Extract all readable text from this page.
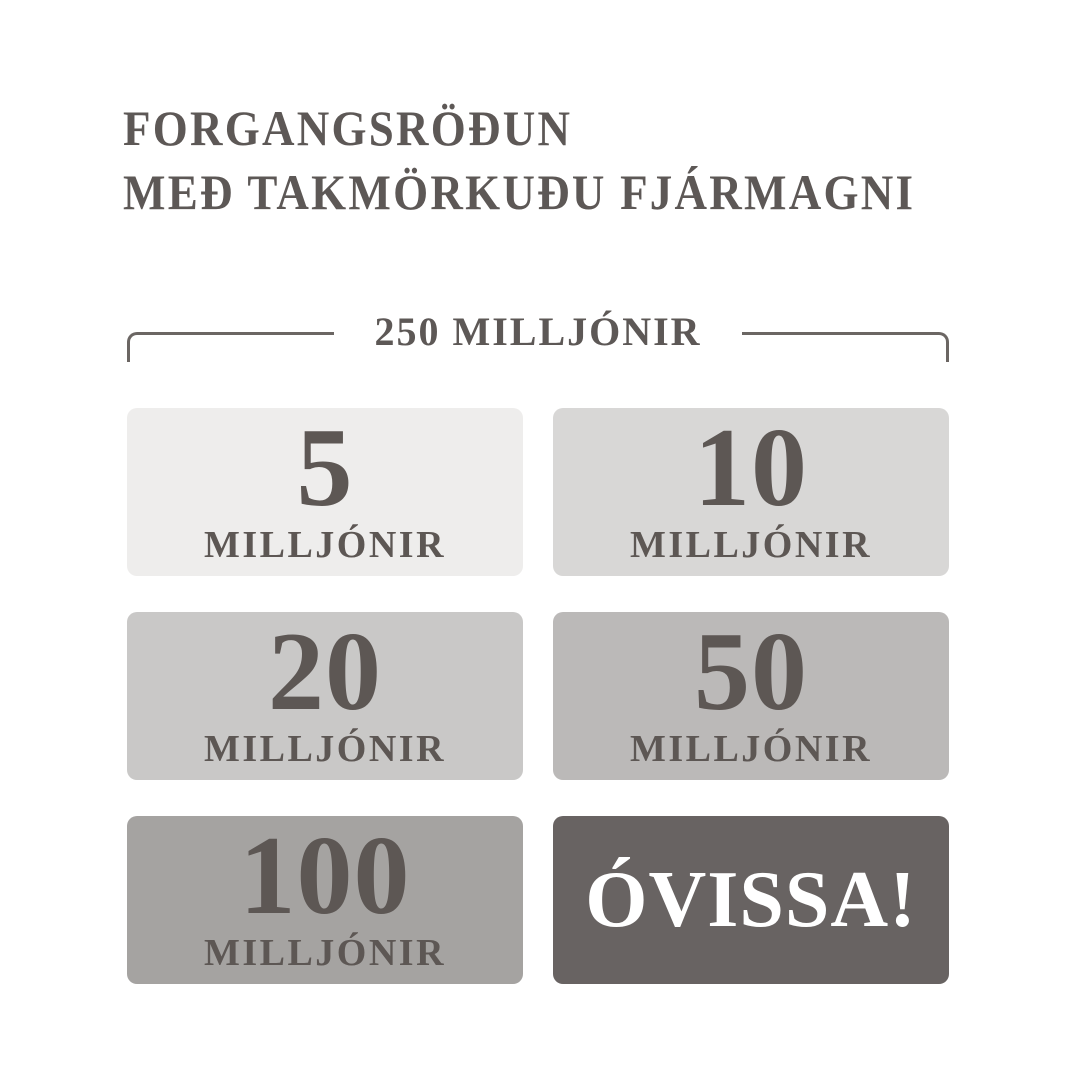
FORGANGSRÖÐUN
MEÐ TAKMÖRKUÐU FJÁRMAGNI
250 MILLJÓNIR
5
MILLJÓNIR
10
MILLJÓNIR
20
MILLJÓNIR
50
MILLJÓNIR
100
MILLJÓNIR
ÓVISSA!
